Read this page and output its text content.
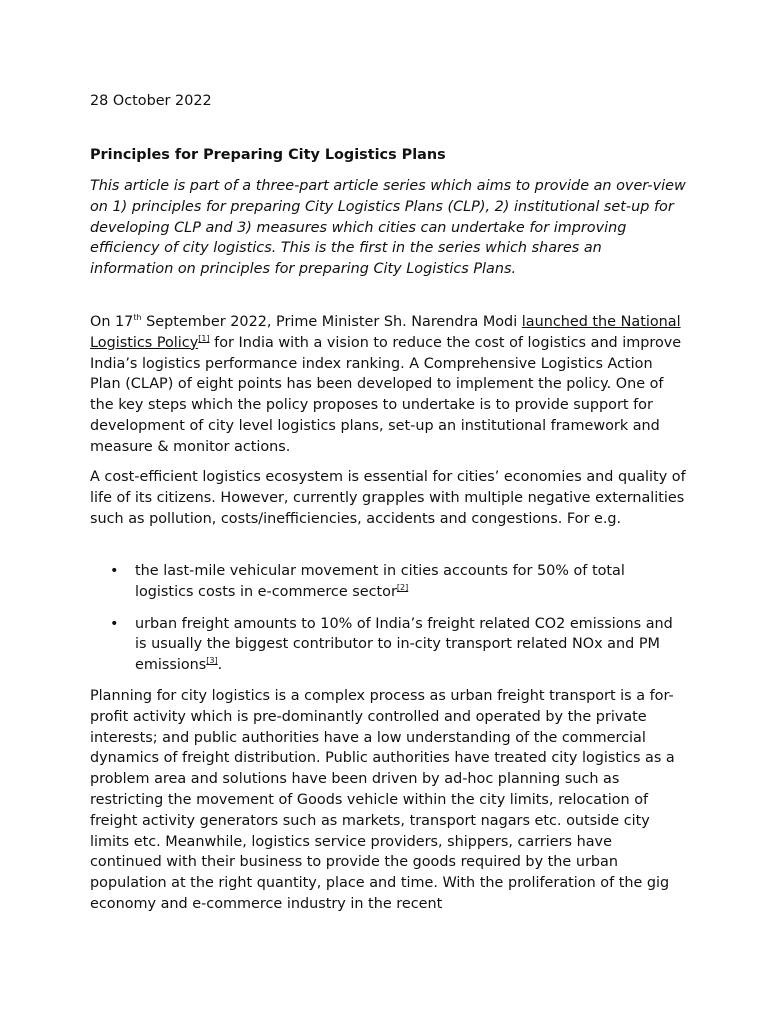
28 October 2022
Principles for Preparing City Logistics Plans

This article is part of a three-part article series which aims to provide an over-view on 1) principles for preparing City Logistics Plans (CLP), 2) institutional set-up for developing CLP and 3) measures which cities can undertake for improving efficiency of city logistics. This is the first in the series which shares an information on principles for preparing City Logistics Plans.

On 17th September 2022, Prime Minister Sh. Narendra Modi launched the National Logistics Policy[1] for India with a vision to reduce the cost of logistics and improve India’s logistics performance index ranking. A Comprehensive Logistics Action Plan (CLAP) of eight points has been developed to implement the policy. One of the key steps which the policy proposes to undertake is to provide support for development of city level logistics plans, set-up an institutional framework and measure & monitor actions.

A cost-efficient logistics ecosystem is essential for cities’ economies and quality of life of its citizens. However, currently grapples with multiple negative externalities such as pollution, costs/inefficiencies, accidents and congestions. For e.g.

• the last-mile vehicular movement in cities accounts for 50% of total logistics costs in e-commerce sector[2]
• urban freight amounts to 10% of India’s freight related CO2 emissions and is usually the biggest contributor to in-city transport related NOx and PM emissions[3].

Planning for city logistics is a complex process as urban freight transport is a for-profit activity which is pre-dominantly controlled and operated by the private interests; and public authorities have a low understanding of the commercial dynamics of freight distribution. Public authorities have treated city logistics as a problem area and solutions have been driven by ad-hoc planning such as restricting the movement of Goods vehicle within the city limits, relocation of freight activity generators such as markets, transport nagars etc. outside city limits etc. Meanwhile, logistics service providers, shippers, carriers have continued with their business to provide the goods required by the urban population at the right quantity, place and time. With the proliferation of the gig economy and e-commerce industry in the recent
